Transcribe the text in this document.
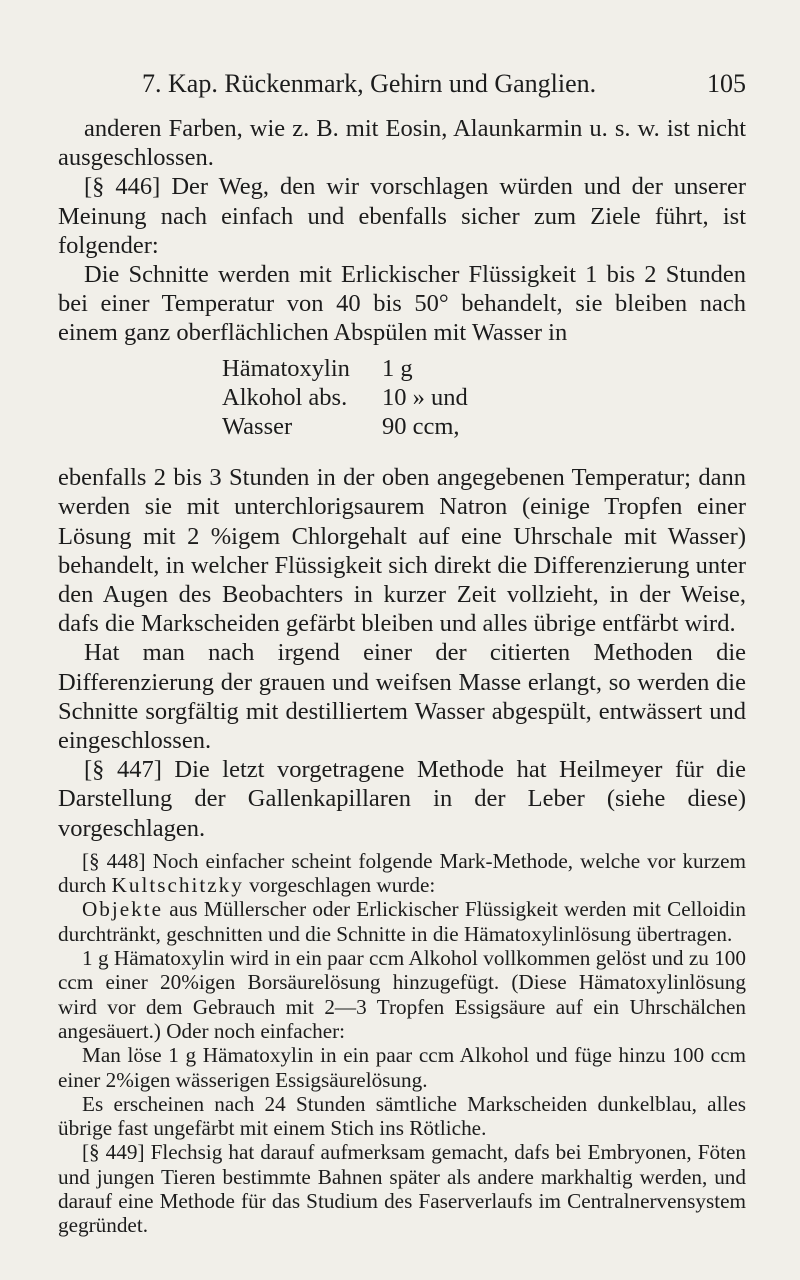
7. Kap. Rückenmark, Gehirn und Ganglien.	105

anderen Farben, wie z. B. mit Eosin, Alaunkarmin u. s. w. ist nicht ausgeschlossen.

[§ 446] Der Weg, den wir vorschlagen würden und der unserer Meinung nach einfach und ebenfalls sicher zum Ziele führt, ist folgender:

Die Schnitte werden mit Erlickischer Flüssigkeit 1 bis 2 Stunden bei einer Temperatur von 40 bis 50° behandelt, sie bleiben nach einem ganz oberflächlichen Abspülen mit Wasser in

Hämatoxylin	1 g
Alkohol abs.	10 » und
Wasser	90 ccm,

ebenfalls 2 bis 3 Stunden in der oben angegebenen Temperatur; dann werden sie mit unterchlorigsaurem Natron (einige Tropfen einer Lösung mit 2 %igem Chlorgehalt auf eine Uhrschale mit Wasser) behandelt, in welcher Flüssigkeit sich direkt die Differenzierung unter den Augen des Beobachters in kurzer Zeit vollzieht, in der Weise, dafs die Markscheiden gefärbt bleiben und alles übrige entfärbt wird.

Hat man nach irgend einer der citierten Methoden die Differenzierung der grauen und weifsen Masse erlangt, so werden die Schnitte sorgfältig mit destilliertem Wasser abgespült, entwässert und eingeschlossen.

[§ 447] Die letzt vorgetragene Methode hat Heilmeyer für die Darstellung der Gallenkapillaren in der Leber (siehe diese) vorgeschlagen.

[§ 448] Noch einfacher scheint folgende Mark-Methode, welche vor kurzem durch Kultschitzky vorgeschlagen wurde:

Objekte aus Müllerscher oder Erlickischer Flüssigkeit werden mit Celloidin durchtränkt, geschnitten und die Schnitte in die Hämatoxylinlösung übertragen.

1 g Hämatoxylin wird in ein paar ccm Alkohol vollkommen gelöst und zu 100 ccm einer 20%igen Borsäurelösung hinzugefügt. (Diese Hämatoxylinlösung wird vor dem Gebrauch mit 2—3 Tropfen Essigsäure auf ein Uhrschälchen angesäuert.) Oder noch einfacher:

Man löse 1 g Hämatoxylin in ein paar ccm Alkohol und füge hinzu 100 ccm einer 2%igen wässerigen Essigsäurelösung.

Es erscheinen nach 24 Stunden sämtliche Markscheiden dunkelblau, alles übrige fast ungefärbt mit einem Stich ins Rötliche.

[§ 449] Flechsig hat darauf aufmerksam gemacht, dafs bei Embryonen, Föten und jungen Tieren bestimmte Bahnen später als andere markhaltig werden, und darauf eine Methode für das Studium des Faserverlaufs im Centralnervensystem gegründet.
